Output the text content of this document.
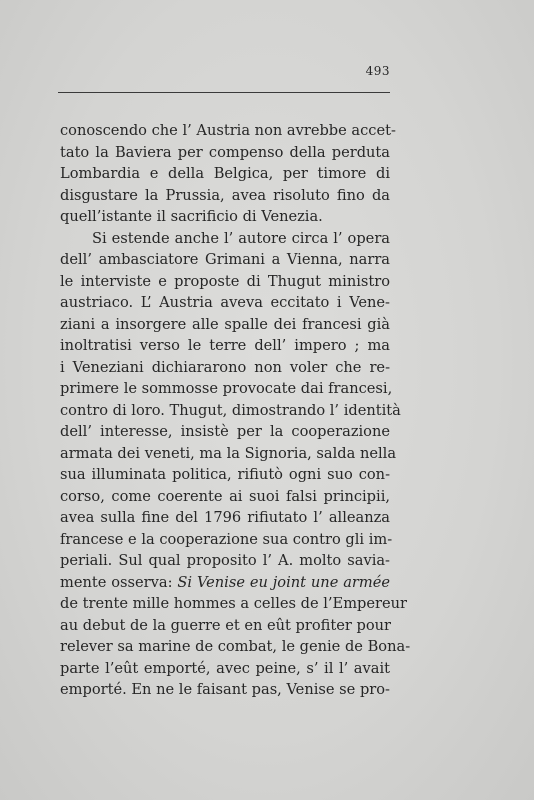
493
conoscendo che l’ Austria non avrebbe accet-
tato la Baviera per compenso della perduta
Lombardia e della Belgica, per timore di
disgustare la Prussia, avea risoluto fino da
quell’istante il sacrificio di Venezia.
Si estende anche l’ autore circa l’ opera
dell’ ambasciatore Grimani a Vienna, narra
le interviste e proposte di Thugut ministro
austriaco. L’ Austria aveva eccitato i Vene-
ziani a insorgere alle spalle dei francesi già
inoltratisi verso le terre dell’ impero ; ma
i Veneziani dichiararono non voler che re-
primere le sommosse provocate dai francesi,
contro di loro. Thugut, dimostrando l’ identità
dell’ interesse, insistè per la cooperazione
armata dei veneti, ma la Signoria, salda nella
sua illuminata politica, rifiutò ogni suo con-
corso, come coerente ai suoi falsi principii,
avea sulla fine del 1796 rifiutato l’ alleanza
francese e la cooperazione sua contro gli im-
periali. Sul qual proposito l’ A. molto savia-
mente osserva: Si Venise eu joint une armée
de trente mille hommes a celles de l’Empereur
au debut de la guerre et en eût profiter pour
relever sa marine de combat, le genie de Bona-
parte l’eût emporté, avec peine, s’ il l’ avait
emporté. En ne le faisant pas, Venise se pro-
